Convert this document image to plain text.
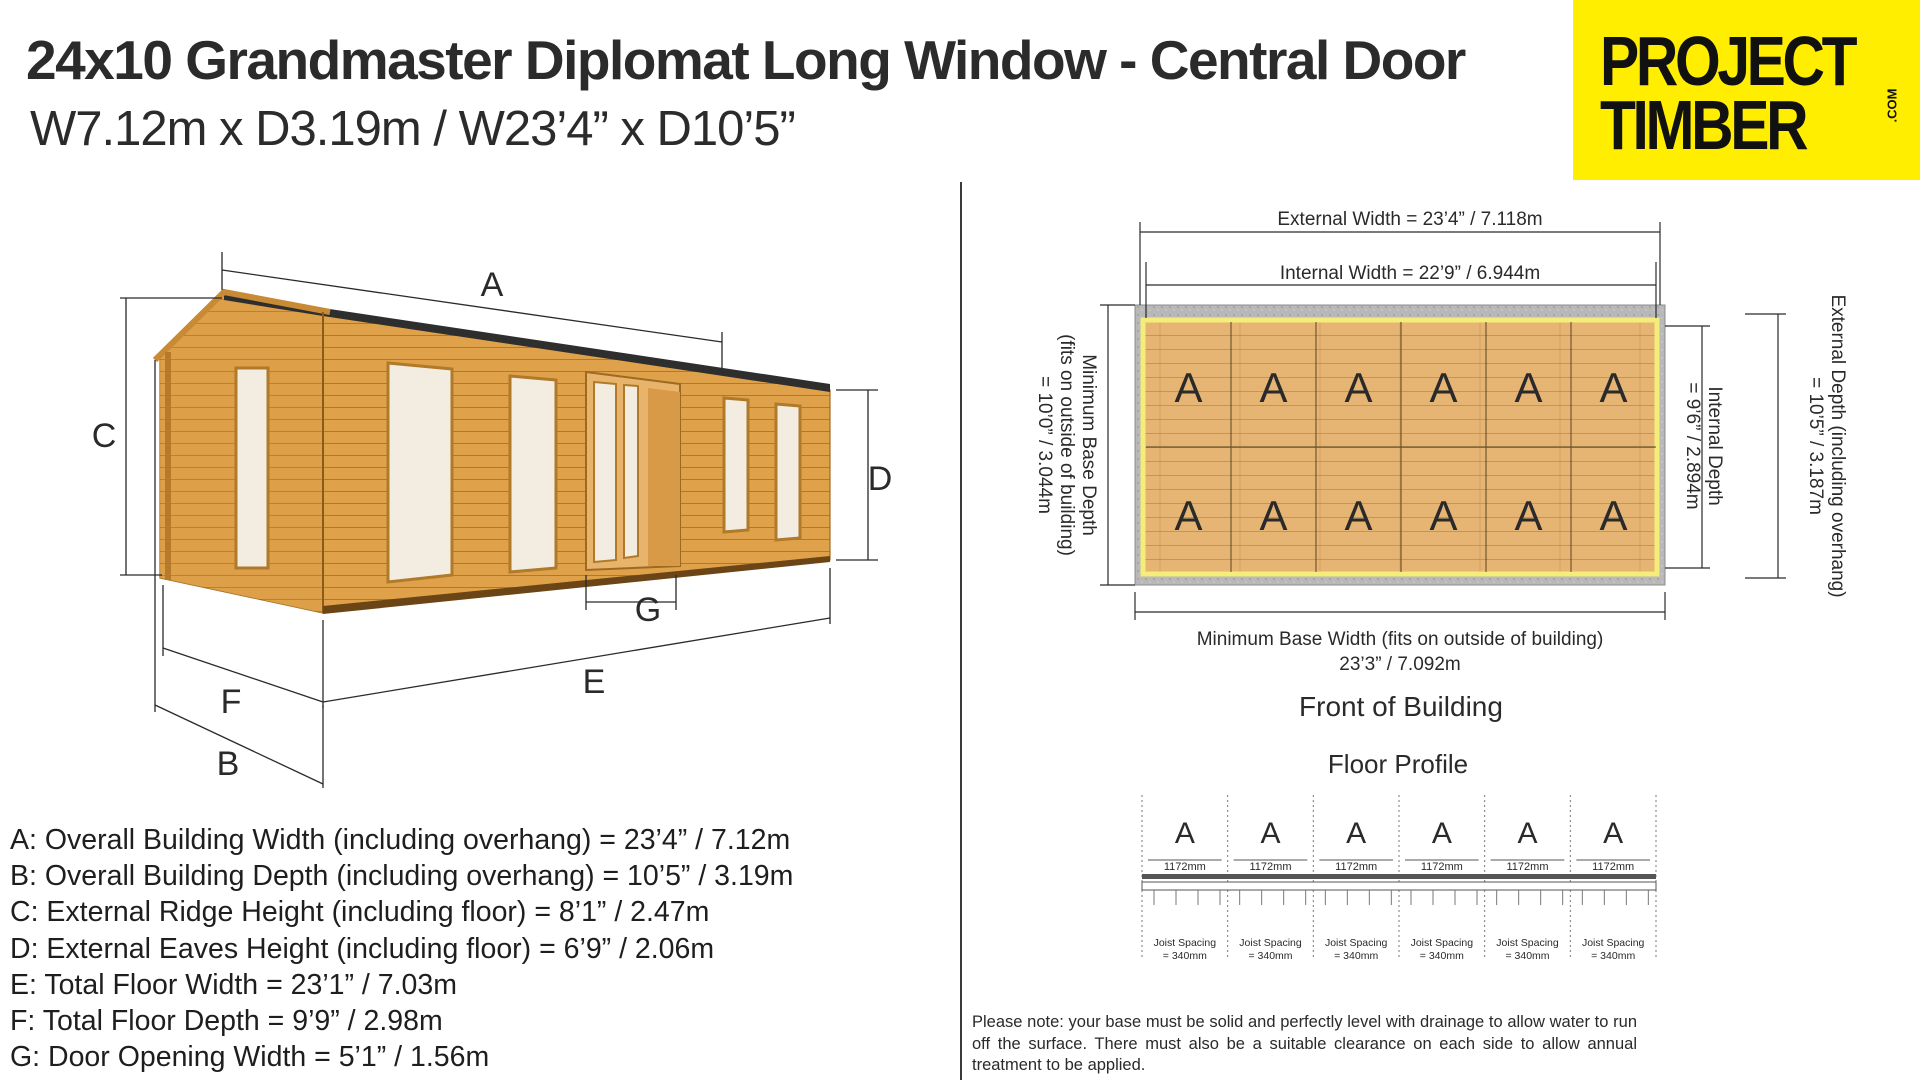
24x10 Grandmaster Diplomat Long Window - Central Door
W7.12m x D3.19m / W23’4” x D10’5”
PROJECT
TIMBER	.COM
A
C
D
G
E
F
B
A A A A A A
A A A A A A
External Width = 23’4” / 7.118m
Internal Width = 22’9” / 6.944m
Minimum Base Depth
(fits on outside of building)
= 10’0” / 3.044m	Internal Depth
= 9’6” / 2.894m	External Depth (including overhang)
= 10’5” / 3.187m
Minimum Base Width (fits on outside of building)
23’3” / 7.092m
Front of Building
Floor Profile
A
1172mm
Joist Spacing
= 340mm
A
1172mm
Joist Spacing
= 340mm
A
1172mm
Joist Spacing
= 340mm
A
1172mm
Joist Spacing
= 340mm
A
1172mm
Joist Spacing
= 340mm
A
1172mm
Joist Spacing
= 340mm
A: Overall Building Width (including overhang) = 23’4” / 7.12m
B: Overall Building Depth (including overhang) = 10’5” / 3.19m
C: External Ridge Height (including floor) = 8’1” / 2.47m
D: External Eaves Height (including floor) = 6’9” / 2.06m
E: Total Floor Width = 23’1” / 7.03m
F: Total Floor Depth = 9’9” / 2.98m
G: Door Opening Width = 5’1” / 1.56m
Please note: your base must be solid and perfectly level with drainage to allow water to run off the surface. There must also be a suitable clearance on each side to allow annual treatment to be applied.
